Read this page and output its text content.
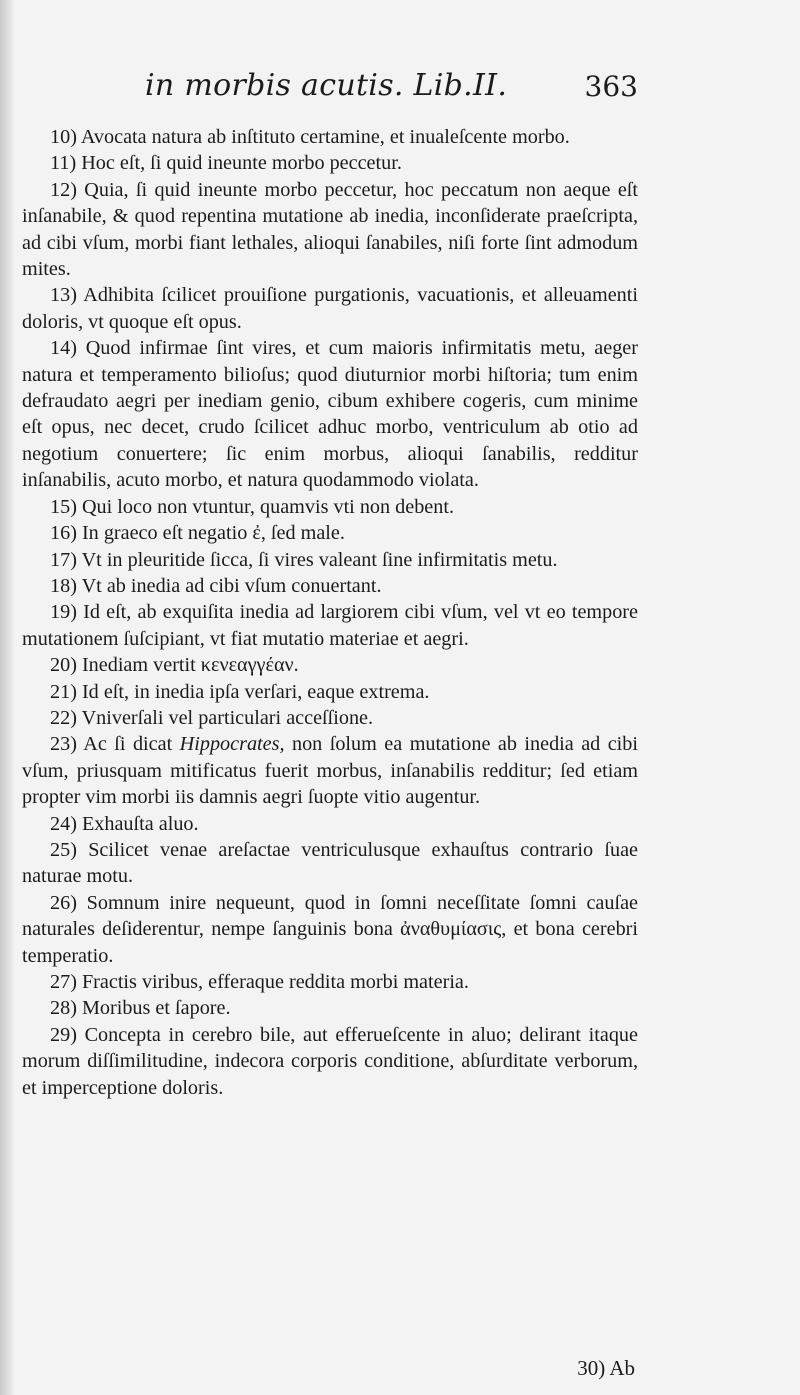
in morbis acutis. Lib.II.	363

10) Avocata natura ab inſtituto certamine, et inualeſcente morbo.

11) Hoc eſt, ſi quid ineunte morbo peccetur.

12) Quia, ſi quid ineunte morbo peccetur, hoc peccatum non aeque eſt inſanabile, & quod repentina mutatione ab inedia, inconſiderate praeſcripta, ad cibi vſum, morbi fiant lethales, alioqui ſanabiles, niſi forte ſint admodum mites.

13) Adhibita ſcilicet prouiſione purgationis, vacuationis, et alleuamenti doloris, vt quoque eſt opus.

14) Quod infirmae ſint vires, et cum maioris infirmitatis metu, aeger natura et temperamento bilioſus; quod diuturnior morbi hiſtoria; tum enim defraudato aegri per inediam genio, cibum exhibere cogeris, cum minime eſt opus, nec decet, crudo ſcilicet adhuc morbo, ventriculum ab otio ad negotium conuertere; ſic enim morbus, alioqui ſanabilis, redditur inſanabilis, acuto morbo, et natura quodammodo violata.

15) Qui loco non vtuntur, quamvis vti non debent.

16) In graeco eſt negatio ἐ, ſed male.

17) Vt in pleuritide ſicca, ſi vires valeant ſine infirmitatis metu.

18) Vt ab inedia ad cibi vſum conuertant.

19) Id eſt, ab exquiſita inedia ad largiorem cibi vſum, vel vt eo tempore mutationem ſuſcipiant, vt fiat mutatio materiae et aegri.

20) Inediam vertit κενεαγγέαν.

21) Id eſt, in inedia ipſa verſari, eaque extrema.

22) Vniverſali vel particulari acceſſione.

23) Ac ſi dicat Hippocrates, non ſolum ea mutatione ab inedia ad cibi vſum, priusquam mitificatus fuerit morbus, inſanabilis redditur; ſed etiam propter vim morbi iis damnis aegri ſuopte vitio augentur.

24) Exhauſta aluo.

25) Scilicet venae areſactae ventriculusque exhauſtus contrario ſuae naturae motu.

26) Somnum inire nequeunt, quod in ſomni neceſſitate ſomni cauſae naturales deſiderentur, nempe ſanguinis bona ἀναθυμίασις, et bona cerebri temperatio.

27) Fractis viribus, efferaque reddita morbi materia.

28) Moribus et ſapore.

29) Concepta in cerebro bile, aut efferueſcente in aluo; delirant itaque morum diſſimilitudine, indecora corporis conditione, abſurditate verborum, et imperceptione doloris.

30) Ab
